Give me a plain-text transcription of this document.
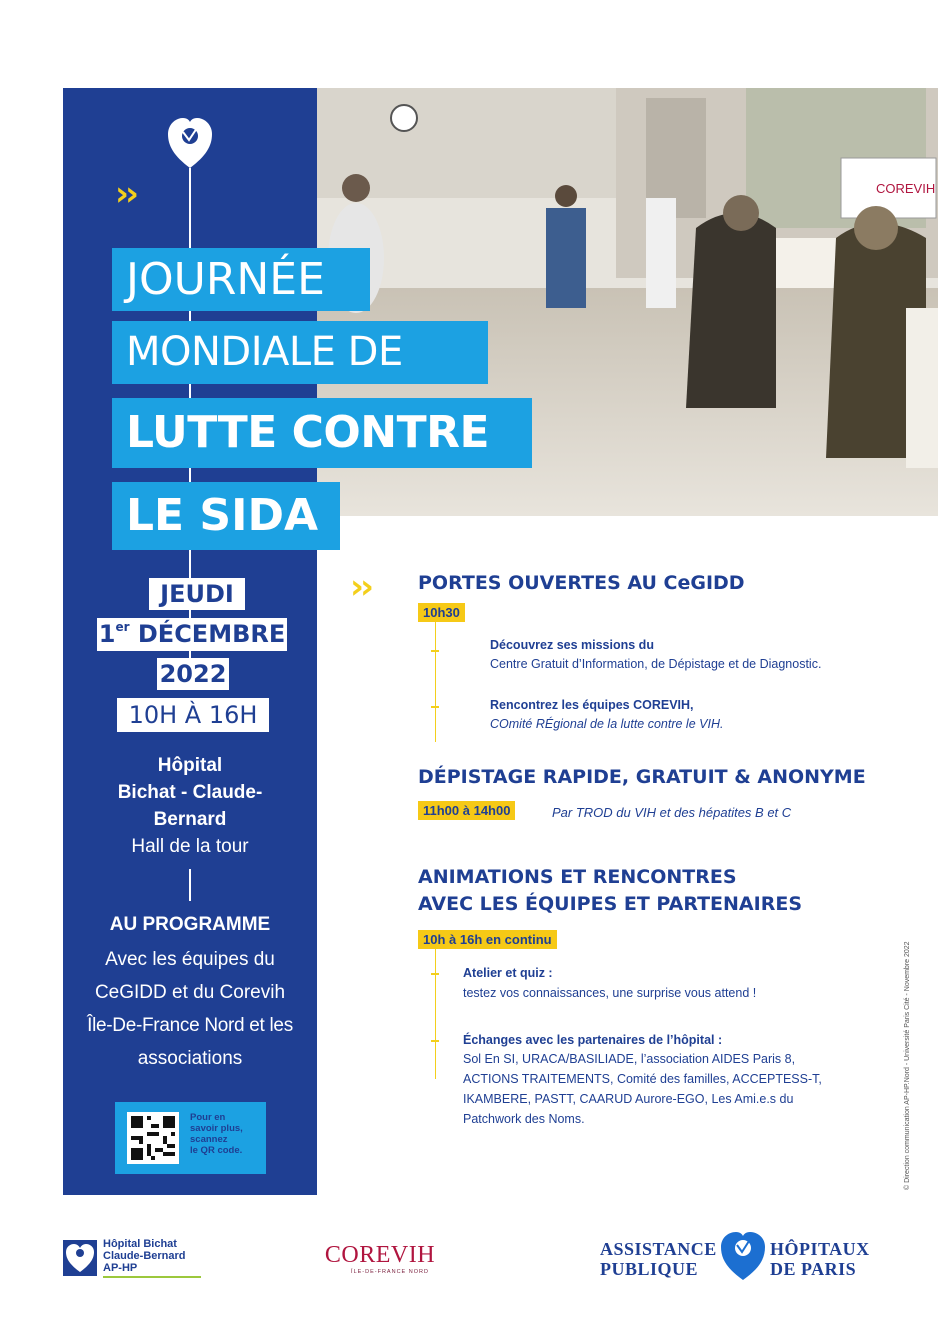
COREVIH
››
JEUDI
1er DÉCEMBRE
2022
10H À 16H
Hôpital
Bichat - Claude-
Bernard
Hall de la tour
AU PROGRAMME
Avec les équipes du
CeGIDD et du Corevih
Île-De-France Nord et les
associations
Pour en
savoir plus,
scannez
le QR code.
JOURNÉE
MONDIALE DE
LUTTE CONTRE
LE SIDA
››	PORTES OUVERTES AU CeGIDD
10h30
Découvrez ses missions du
Centre Gratuit d’Information, de Dépistage et de Diagnostic.
Rencontrez les équipes COREVIH,
COmité RÉgional de la lutte contre le VIH.
DÉPISTAGE RAPIDE, GRATUIT & ANONYME
11h00 à 14h00	Par TROD du VIH et des hépatites B et C
ANIMATIONS ET RENCONTRES
AVEC LES ÉQUIPES ET PARTENAIRES
10h à 16h en continu
Atelier et quiz :
testez vos connaissances, une surprise vous attend !
Échanges avec les partenaires de l’hôpital :
Sol En SI, URACA/BASILIADE, l’association AIDES Paris 8,
ACTIONS TRAITEMENTS, Comité des familles, ACCEPTESS-T,
IKAMBERE, PASTT, CAARUD Aurore-EGO, Les Ami.e.s du
Patchwork des Noms.	© Direction communication AP-HP.Nord - Université Paris Cité - Novembre 2022
Hôpital Bichat
Claude-Bernard
AP-HP	COREVIH
ÎLE-DE-FRANCE NORD
ASSISTANCE
PUBLIQUE
HÔPITAUX
DE PARIS
